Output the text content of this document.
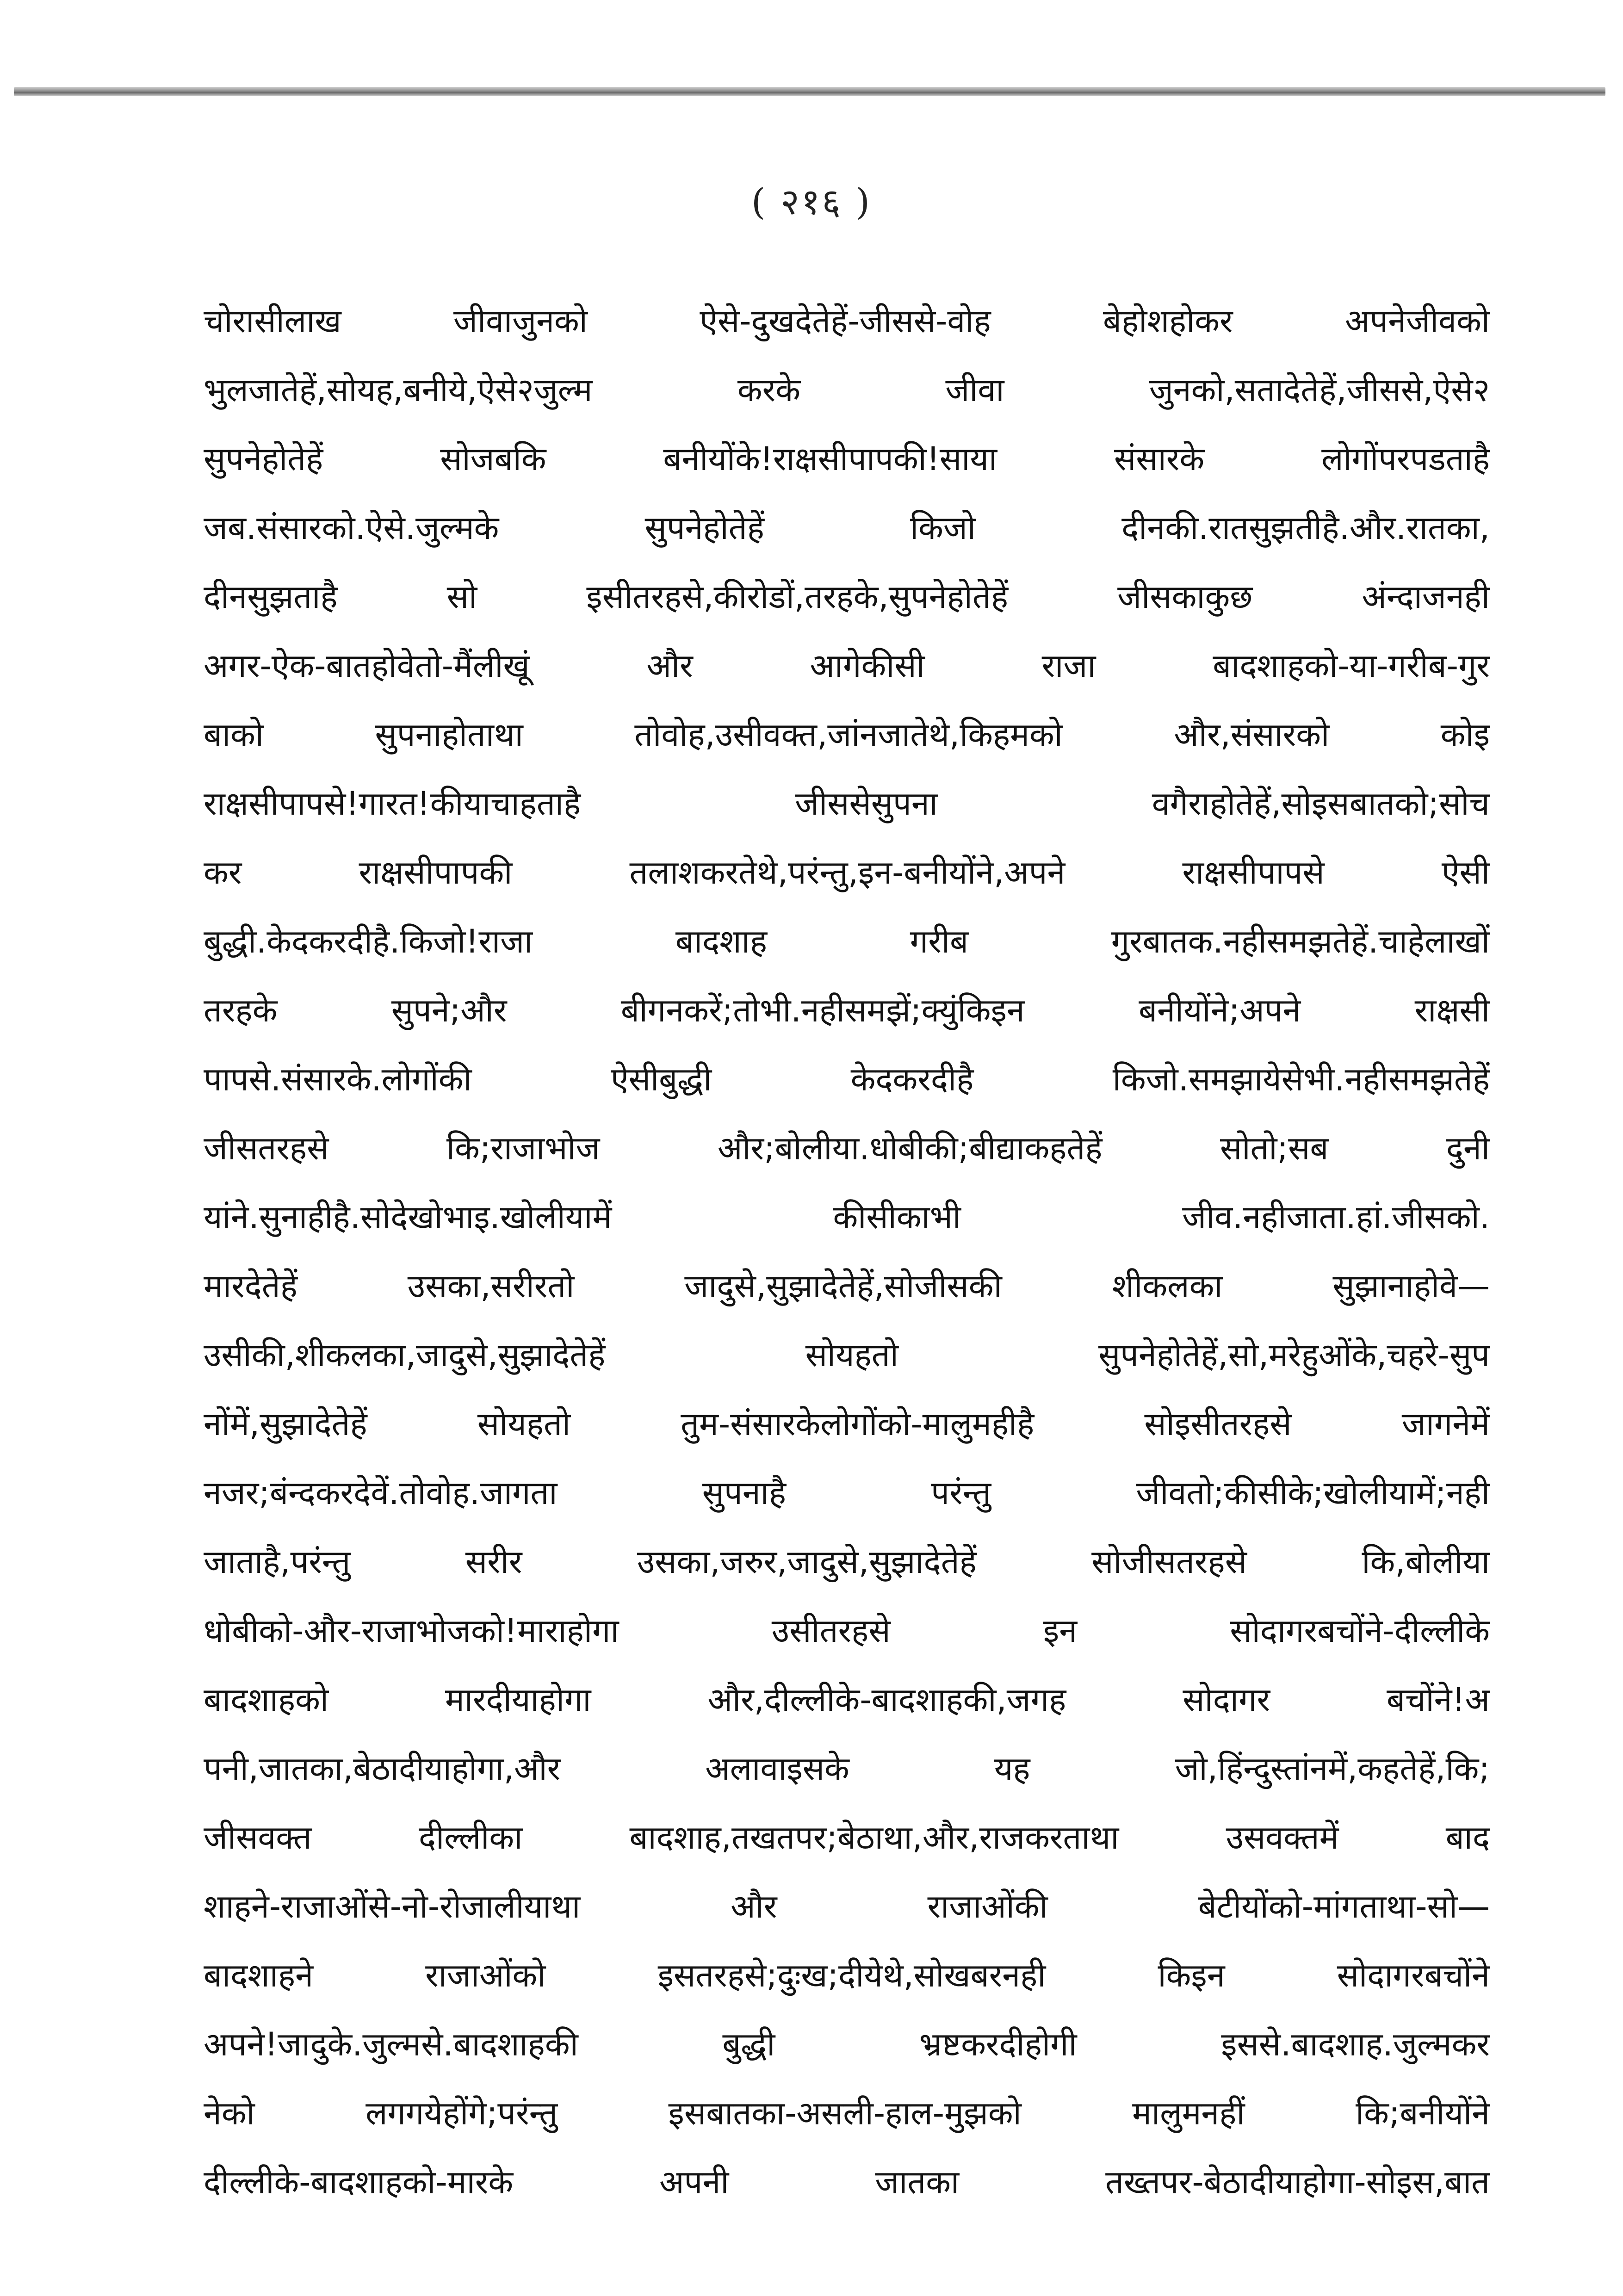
( २१६ )
चोरासीलाख जीवाजुनको ऐसे-दुखदेतेहें-जीससे-वोह बेहोशहोकर अपनेजीवको
भुलजातेहें,सोयह,बनीये,ऐसे२जुल्म करके जीवा जुनको,सतादेतेहें,जीससे,ऐसे२
सुपनेहोतेहें सोजबकि बनीयोंके!राक्षसीपापकी!साया संसारके लोगोंपरपडताहै
जब.संसारको.ऐसे.जुल्मके सुपनेहोतेहें किजो दीनकी.रातसुझतीहै.और.रातका,
दीनसुझताहै सो इसीतरहसे,कीरोडों,तरहके,सुपनेहोतेहें जीसकाकुछ अंन्दाजनही
अगर-ऐक-बातहोवेतो-मैंलीखूं और आगेकीसी राजा बादशाहको-या-गरीब-गुर
बाको सुपनाहोताथा तोवोह,उसीवक्त,जांनजातेथे,किहमको और,संसारको कोइ
राक्षसीपापसे!गारत!कीयाचाहताहै जीससेसुपना वगैराहोतेहें,सोइसबातको;सोच
कर राक्षसीपापकी तलाशकरतेथे,परंन्तु,इन-बनीयोंने,अपने राक्षसीपापसे ऐसी
बुद्धी.केदकरदीहै.किजो!राजा बादशाह गरीब गुरबातक.नहीसमझतेहें.चाहेलाखों
तरहके सुपने;और बीगनकरें;तोभी.नहीसमझें;क्युंकिइन बनीयोंने;अपने राक्षसी
पापसे.संसारके.लोगोंकी ऐसीबुद्धी केदकरदीहै किजो.समझायेसेभी.नहीसमझतेहें
जीसतरहसे कि;राजाभोज और;बोलीया.धोबीकी;बीद्याकहतेहें सोतो;सब दुनी
यांने.सुनाहीहै.सोदेखोभाइ.खोलीयामें कीसीकाभी जीव.नहीजाता.हां.जीसको.
मारदेतेहें उसका,सरीरतो जादुसे,सुझादेतेहें,सोजीसकी शीकलका सुझानाहोवे—
उसीकी,शीकलका,जादुसे,सुझादेतेहें सोयहतो सुपनेहोतेहें,सो,मरेहुओंके,चहरे-सुप
नोंमें,सुझादेतेहें सोयहतो तुम-संसारकेलोगोंको-मालुमहीहै सोइसीतरहसे जागनेमें
नजर;बंन्दकरदेवें.तोवोह.जागता सुपनाहै परंन्तु जीवतो;कीसीके;खोलीयामें;नही
जाताहै,परंन्तु सरीर उसका,जरुर,जादुसे,सुझादेतेहें सोजीसतरहसे कि,बोलीया
धोबीको-और-राजाभोजको!माराहोगा उसीतरहसे इन सोदागरबचोंने-दील्लीके
बादशाहको मारदीयाहोगा और,दील्लीके-बादशाहकी,जगह सोदागर बचोंने!अ
पनी,जातका,बेठादीयाहोगा,और अलावाइसके यह जो,हिंन्दुस्तांनमें,कहतेहें,कि;
जीसवक्त दील्लीका बादशाह,तखतपर;बेठाथा,और,राजकरताथा उसवक्तमें बाद
शाहने-राजाओंसे-नो-रोजालीयाथा और राजाओंकी बेटीयोंको-मांगताथा-सो—
बादशाहने राजाओंको इसतरहसे;दुःख;दीयेथे,सोखबरनही किइन सोदागरबचोंने
अपने!जादुके.जुल्मसे.बादशाहकी बुद्धी भ्रष्टकरदीहोगी इससे.बादशाह.जुल्मकर
नेको लगगयेहोंगे;परंन्तु इसबातका-असली-हाल-मुझको मालुमनहीं कि;बनीयोंने
दील्लीके-बादशाहको-मारके अपनी जातका तख्तपर-बेठादीयाहोगा-सोइस,बात
